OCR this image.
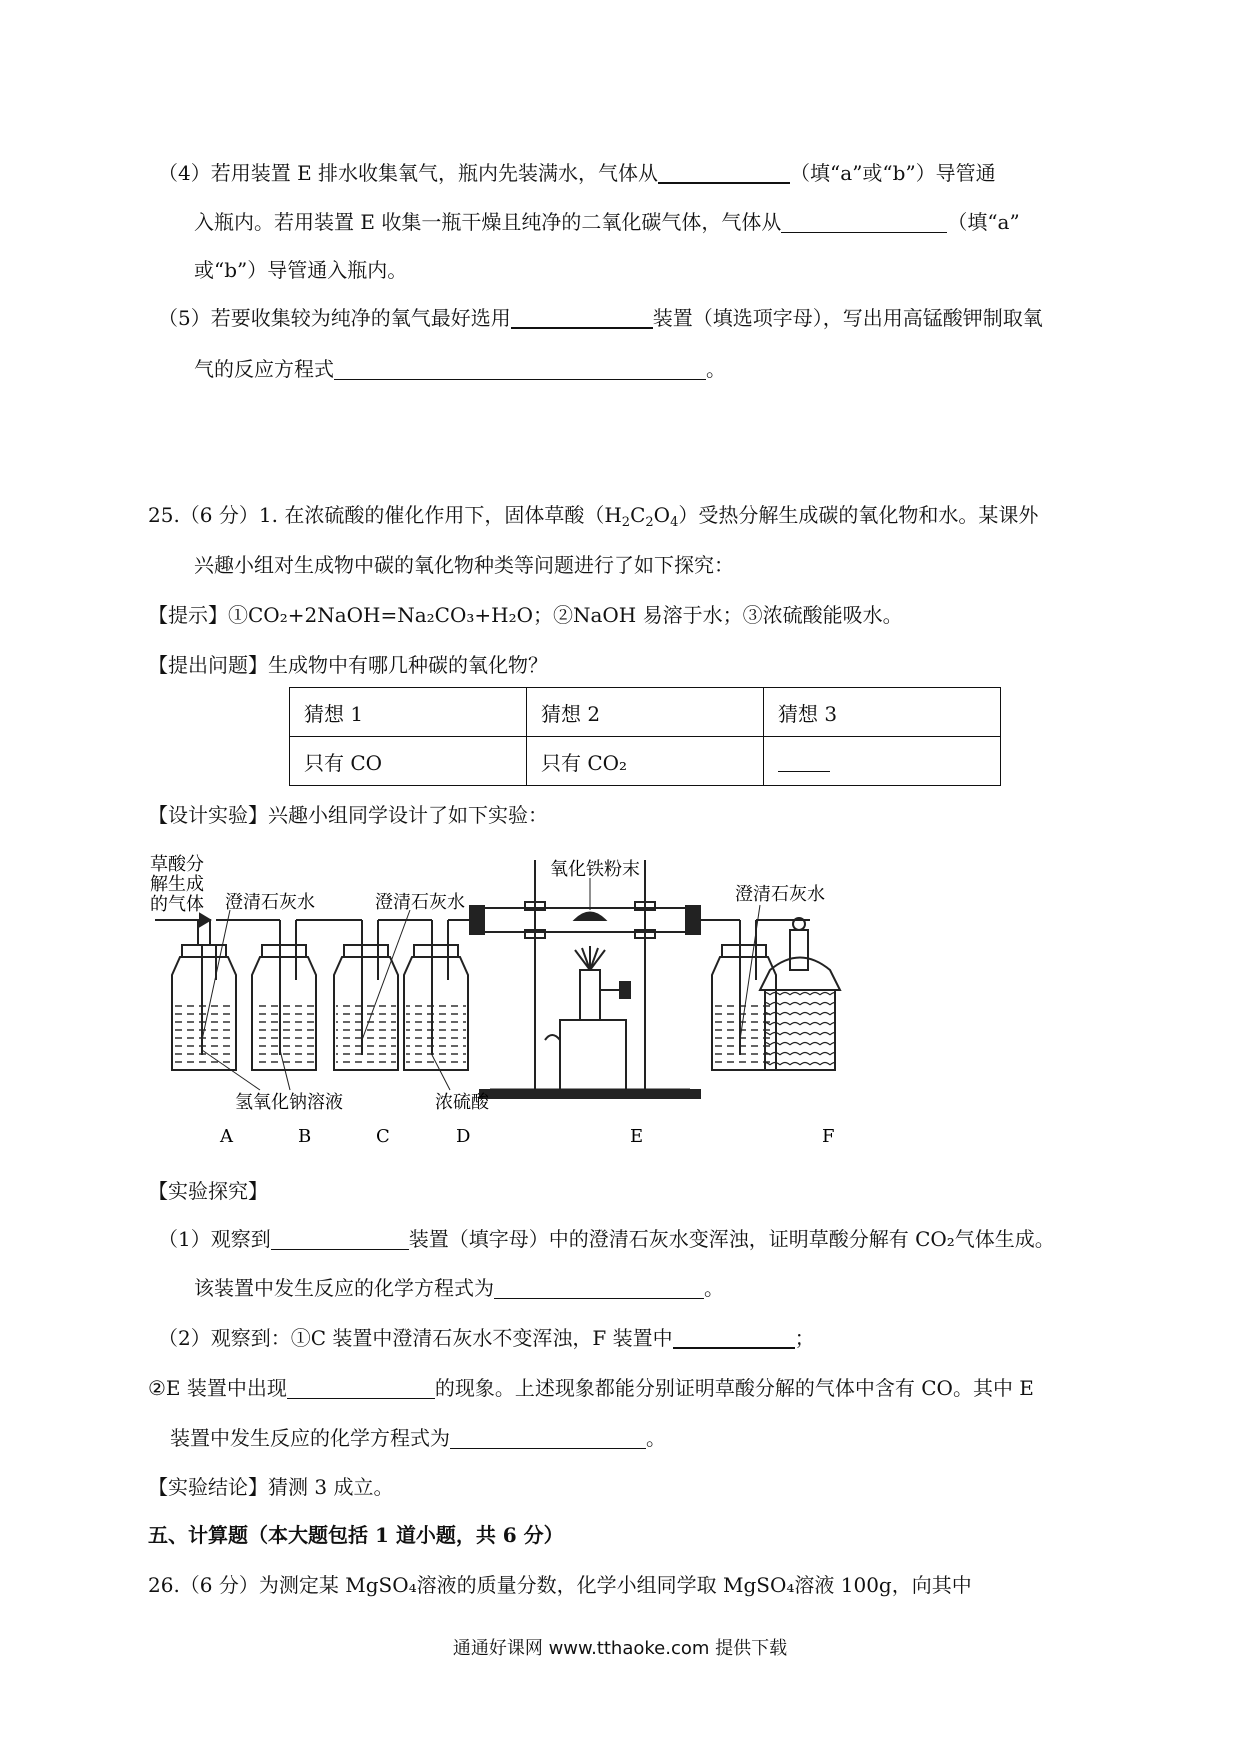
（4）若用装置 E 排水收集氧气，瓶内先装满水，气体从	（填“a”或“b”）导管通
入瓶内。若用装置 E 收集一瓶干燥且纯净的二氧化碳气体，气体从	（填“a”
或“b”）导管通入瓶内。
（5）若要收集较为纯净的氧气最好选用	装置（填选项字母），写出用高锰酸钾制取氧
气的反应方程式	。
25.（6 分）1. 在浓硫酸的催化作用下，固体草酸$(H_2C_2O_4)$受热分解生成碳的氧化物和水。某课外
兴趣小组对生成物中碳的氧化物种类等问题进行了如下探究：
【提示】①CO₂+2NaOH=Na₂CO₃+H₂O；②NaOH 易溶于水；③浓硫酸能吸水。
【提出问题】生成物中有哪几种碳的氧化物？
猜想 1	猜想 2	猜想 3
只有 CO	只有 CO₂	
【设计实验】兴趣小组同学设计了如下实验：
草酸分
解生成
的气体 澄清石灰水	澄清石灰水
氧化铁粉末
澄清石灰水
氢氧化钠溶液	浓硫酸
A	B	C	D	E	F
【实验探究】
（1）观察到	装置（填字母）中的澄清石灰水变浑浊，证明草酸分解有 CO₂气体生成。
该装置中发生反应的化学方程式为	。
（2）观察到：①C 装置中澄清石灰水不变浑浊，F 装置中	；
②E 装置中出现	的现象。上述现象都能分别证明草酸分解的气体中含有 CO。其中 E
装置中发生反应的化学方程式为	。
【实验结论】猜测 3 成立。
五、计算题（本大题包括 1 道小题，共 6 分）
26.（6 分）为测定某 MgSO₄溶液的质量分数，化学小组同学取 MgSO₄溶液 100g，向其中
通通好课网 www.tthaoke.com 提供下载
